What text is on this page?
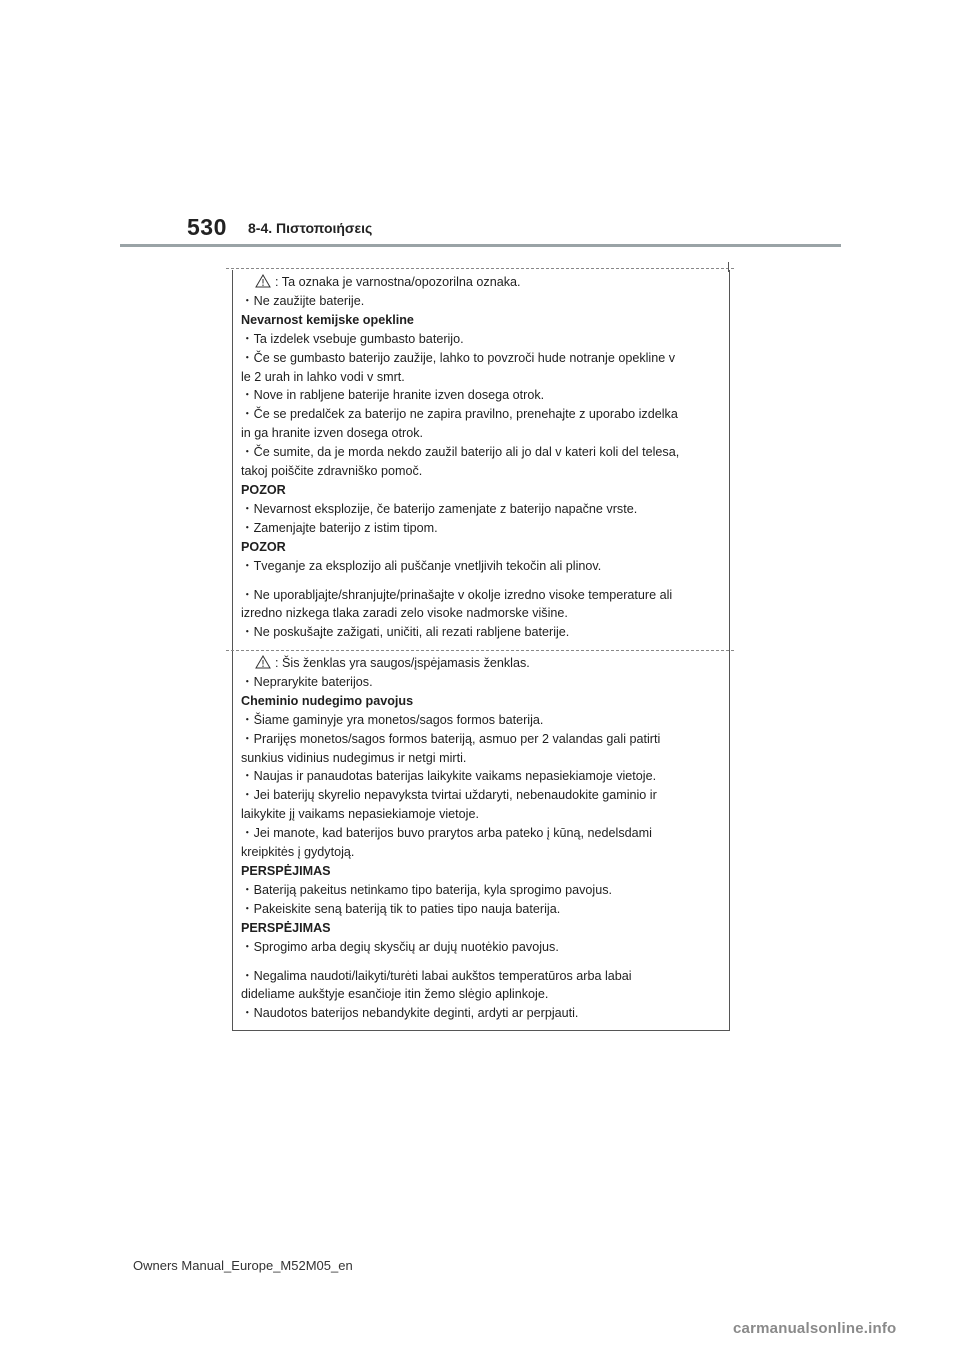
530 8-4. Πιστοποιήσεις
: Ta oznaka je varnostna/opozorilna oznaka.
・Ne zaužijte baterije.
Nevarnost kemijske opekline
・Ta izdelek vsebuje gumbasto baterijo.
・Če se gumbasto baterijo zaužije, lahko to povzroči hude notranje opekline v
le 2 urah in lahko vodi v smrt.
・Nove in rabljene baterije hranite izven dosega otrok.
・Če se predalček za baterijo ne zapira pravilno, prenehajte z uporabo izdelka
in ga hranite izven dosega otrok.
・Če sumite, da je morda nekdo zaužil baterijo ali jo dal v kateri koli del telesa,
takoj poiščite zdravniško pomoč.
POZOR
・Nevarnost eksplozije, če baterijo zamenjate z baterijo napačne vrste.
・Zamenjajte baterijo z istim tipom.
POZOR
・Tveganje za eksplozijo ali puščanje vnetljivih tekočin ali plinov.
・Ne uporabljajte/shranjujte/prinašajte v okolje izredno visoke temperature ali
izredno nizkega tlaka zaradi zelo visoke nadmorske višine.
・Ne poskušajte zažigati, uničiti, ali rezati rabljene baterije.
: Šis ženklas yra saugos/įspėjamasis ženklas.
・Neprarykite baterijos.
Cheminio nudegimo pavojus
・Šiame gaminyje yra monetos/sagos formos baterija.
・Prarijęs monetos/sagos formos bateriją, asmuo per 2 valandas gali patirti
sunkius vidinius nudegimus ir netgi mirti.
・Naujas ir panaudotas baterijas laikykite vaikams nepasiekiamoje vietoje.
・Jei baterijų skyrelio nepavyksta tvirtai uždaryti, nebenaudokite gaminio ir
laikykite jį vaikams nepasiekiamoje vietoje.
・Jei manote, kad baterijos buvo prarytos arba pateko į kūną, nedelsdami
kreipkitės į gydytoją.
PERSPĖJIMAS
・Bateriją pakeitus netinkamo tipo baterija, kyla sprogimo pavojus.
・Pakeiskite seną bateriją tik to paties tipo nauja baterija.
PERSPĖJIMAS
・Sprogimo arba degių skysčių ar dujų nuotėkio pavojus.
・Negalima naudoti/laikyti/turėti labai aukštos temperatūros arba labai
dideliame aukštyje esančioje itin žemo slėgio aplinkoje.
・Naudotos baterijos nebandykite deginti, ardyti ar perpjauti.
Owners Manual_Europe_M52M05_en
carmanualsonline.info
